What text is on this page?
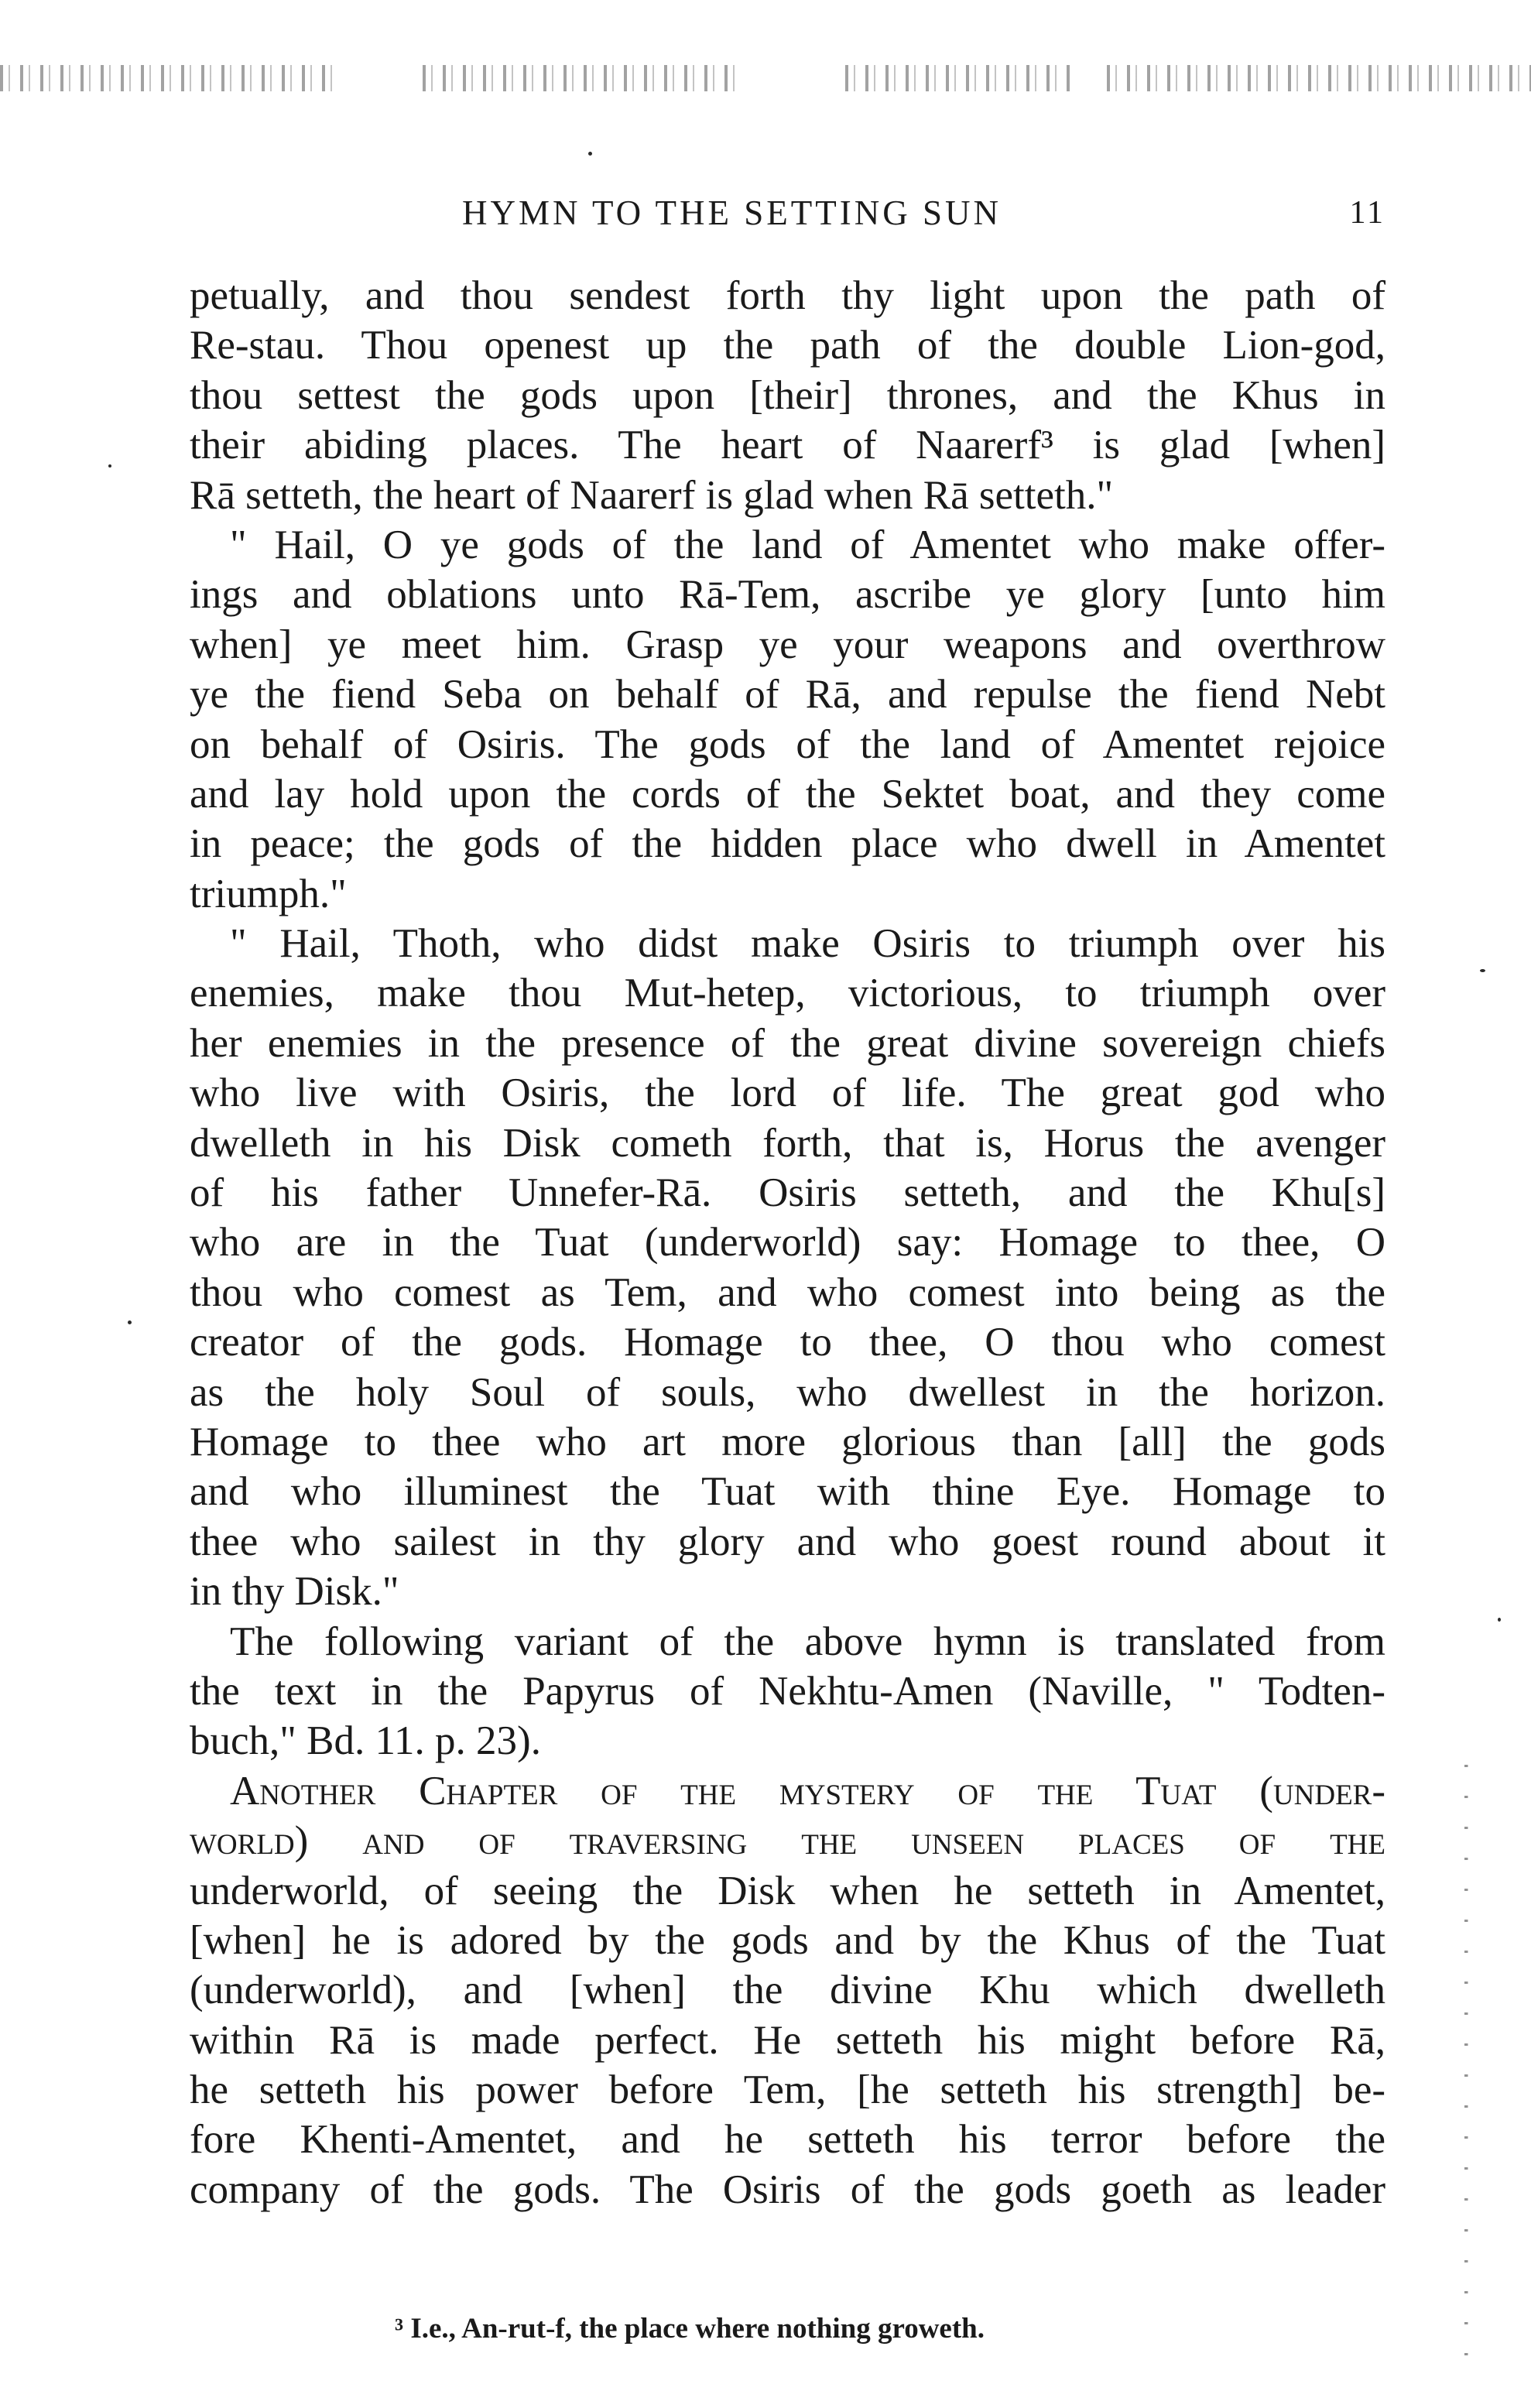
HYMN TO THE SETTING SUN	11
petually, and thou sendest forth thy light upon the path of
Re-stau. Thou openest up the path of the double Lion-god,
thou settest the gods upon [their] thrones, and the Khus in
their abiding places. The heart of Naarerf³ is glad [when]
Rā setteth, the heart of Naarerf is glad when Rā setteth."
" Hail, O ye gods of the land of Amentet who make offer-
ings and oblations unto Rā-Tem, ascribe ye glory [unto him
when] ye meet him. Grasp ye your weapons and overthrow
ye the fiend Seba on behalf of Rā, and repulse the fiend Nebt
on behalf of Osiris. The gods of the land of Amentet rejoice
and lay hold upon the cords of the Sektet boat, and they come
in peace; the gods of the hidden place who dwell in Amentet
triumph."
" Hail, Thoth, who didst make Osiris to triumph over his
enemies, make thou Mut-hetep, victorious, to triumph over
her enemies in the presence of the great divine sovereign chiefs
who live with Osiris, the lord of life. The great god who
dwelleth in his Disk cometh forth, that is, Horus the avenger
of his father Unnefer-Rā. Osiris setteth, and the Khu[s]
who are in the Tuat (underworld) say: Homage to thee, O
thou who comest as Tem, and who comest into being as the
creator of the gods. Homage to thee, O thou who comest
as the holy Soul of souls, who dwellest in the horizon.
Homage to thee who art more glorious than [all] the gods
and who illuminest the Tuat with thine Eye. Homage to
thee who sailest in thy glory and who goest round about it
in thy Disk."
The following variant of the above hymn is translated from
the text in the Papyrus of Nekhtu-Amen (Naville, " Todten-
buch," Bd. 11. p. 23).
Another Chapter of the mystery of the Tuat (under-
world) and of traversing the unseen places of the
underworld, of seeing the Disk when he setteth in Amentet,
[when] he is adored by the gods and by the Khus of the Tuat
(underworld), and [when] the divine Khu which dwelleth
within Rā is made perfect. He setteth his might before Rā,
he setteth his power before Tem, [he setteth his strength] be-
fore Khenti-Amentet, and he setteth his terror before the
company of the gods. The Osiris of the gods goeth as leader
³ I.e., An-rut-f, the place where nothing groweth.
